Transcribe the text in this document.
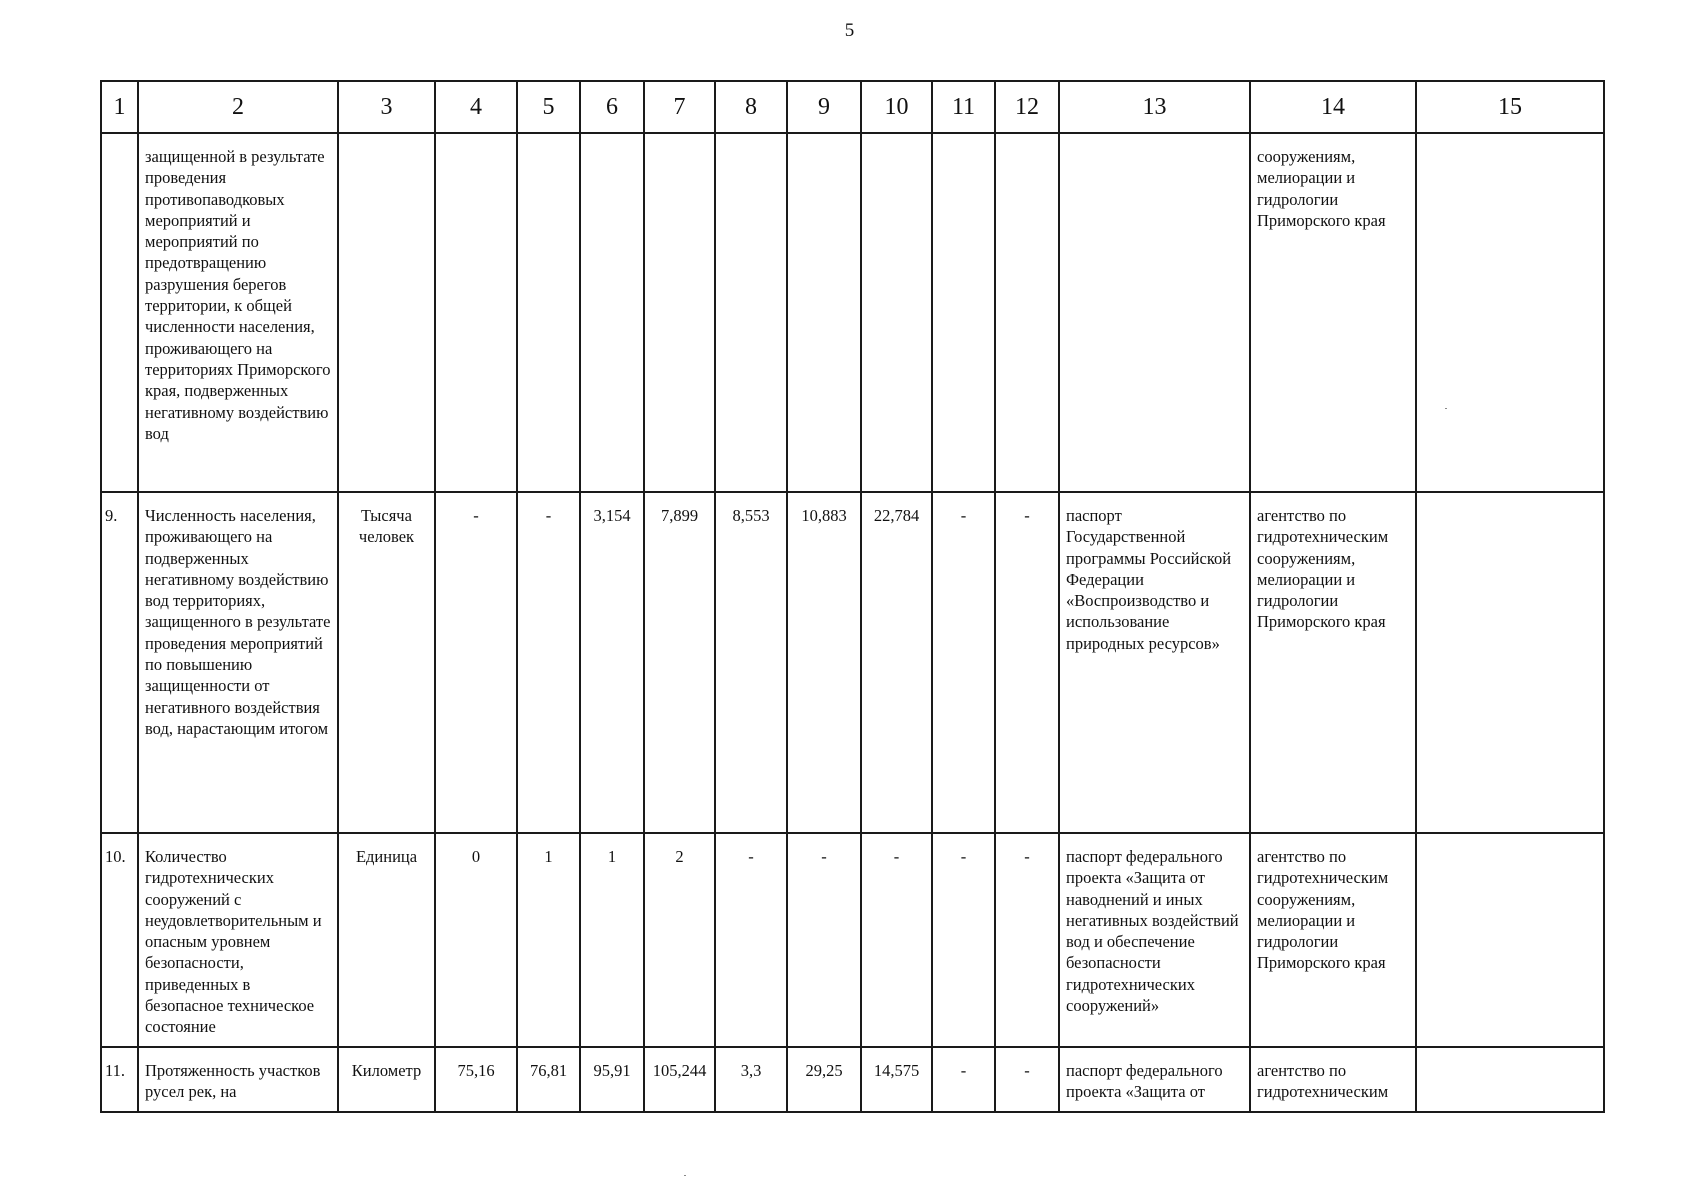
5
1	2	3	4	5	6	7	8	9	10	11	12	13	14	15

	защищенной в результате проведения противопаводковых мероприятий и мероприятий по предотвращению разрушения берегов территории, к общей численности населения, проживающего на территориях Приморского края, подверженных негативному воздействию вод												сооружениям, мелиорации и гидрологии Приморского края	

9.	Численность населения, проживающего на подверженных негативному воздействию вод территориях, защищенного в результате проведения мероприятий по повышению защищенности от негативного воздействия вод, нарастающим итогом	Тысяча человек	-	-	3,154	7,899	8,553	10,883	22,784	-	-	паспорт Государственной программы Российской Федерации «Воспроизводство и использование природных ресурсов»	агентство по гидротехническим сооружениям, мелиорации и гидрологии Приморского края	

10.	Количество гидротехнических сооружений с неудовлетворительным и опасным уровнем безопасности, приведенных в безопасное техническое состояние	Единица	0	1	1	2	-	-	-	-	-	паспорт федерального проекта «Защита от наводнений и иных негативных воздействий вод и обеспечение безопасности гидротехнических сооружений»	агентство по гидротехническим сооружениям, мелиорации и гидрологии Приморского края	

11.	Протяженность участков русел рек, на	Километр	75,16	76,81	95,91	105,244	3,3	29,25	14,575	-	-	паспорт федерального проекта «Защита от	агентство по гидротехническим	
